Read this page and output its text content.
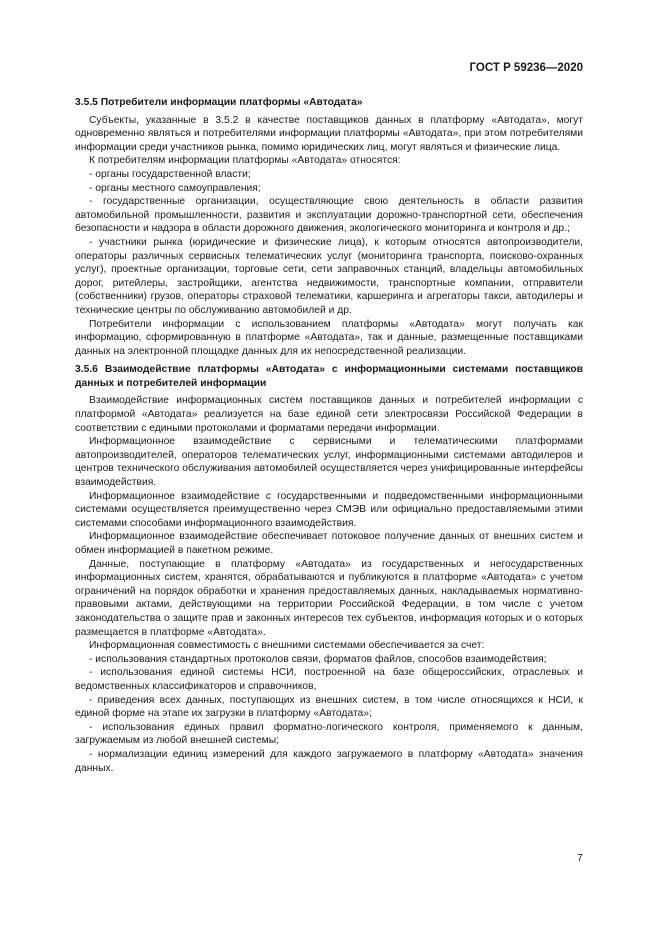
ГОСТ Р 59236—2020

3.5.5 Потребители информации платформы «Автодата»

Субъекты, указанные в 3.5.2 в качестве поставщиков данных в платформу «Автодата», могут одновременно являться и потребителями информации платформы «Автодата», при этом потребителями информации среди участников рынка, помимо юридических лиц, могут являться и физические лица.

К потребителям информации платформы «Автодата» относятся:

- органы государственной власти;

- органы местного самоуправления;

- государственные организации, осуществляющие свою деятельность в области развития автомобильной промышленности, развития и эксплуатации дорожно-транспортной сети, обеспечения безопасности и надзора в области дорожного движения, экологического мониторинга и контроля и др.;

- участники рынка (юридические и физические лица), к которым относятся автопроизводители, операторы различных сервисных телематических услуг (мониторинга транспорта, поисково-охранных услуг), проектные организации, торговые сети, сети заправочных станций, владельцы автомобильных дорог, ритейлеры, застройщики, агентства недвижимости, транспортные компании, отправители (собственники) грузов, операторы страховой телематики, каршеринга и агрегаторы такси, автодилеры и технические центры по обслуживанию автомобилей и др.

Потребители информации с использованием платформы «Автодата» могут получать как информацию, сформированную в платформе «Автодата», так и данные, размещенные поставщиками данных на электронной площадке данных для их непосредственной реализации.

3.5.6 Взаимодействие платформы «Автодата» с информационными системами поставщиков данных и потребителей информации

Взаимодействие информационных систем поставщиков данных и потребителей информации с платформой «Автодата» реализуется на базе единой сети электросвязи Российской Федерации в соответствии с едиными протоколами и форматами передачи информации.

Информационное взаимодействие с сервисными и телематическими платформами автопроизводителей, операторов телематических услуг, информационными системами автодилеров и центров технического обслуживания автомобилей осуществляется через унифицированные интерфейсы взаимодействия.

Информационное взаимодействие с государственными и подведомственными информационными системами осуществляется преимущественно через СМЭВ или официально предоставляемыми этими системами способами информационного взаимодействия.

Информационное взаимодействие обеспечивает потоковое получение данных от внешних систем и обмен информацией в пакетном режиме.

Данные, поступающие в платформу «Автодата» из государственных и негосударственных информационных систем, хранятся, обрабатываются и публикуются в платформе «Автодата» с учетом ограничений на порядок обработки и хранения предоставляемых данных, накладываемых нормативно-правовыми актами, действующими на территории Российской Федерации, в том числе с учетом законодательства о защите прав и законных интересов тех субъектов, информация которых и о которых размещается в платформе «Автодата».

Информационная совместимость с внешними системами обеспечивается за счет:

- использования стандартных протоколов связи, форматов файлов, способов взаимодействия;

- использования единой системы НСИ, построенной на базе общероссийских, отраслевых и ведомственных классификаторов и справочников,

- приведения всех данных, поступающих из внешних систем, в том числе относящихся к НСИ, к единой форме на этапе их загрузки в платформу «Автодата»;

- использования единых правил форматно-логического контроля, применяемого к данным, загружаемым из любой внешней системы;

- нормализации единиц измерений для каждого загружаемого в платформу «Автодата» значения данных.

7
